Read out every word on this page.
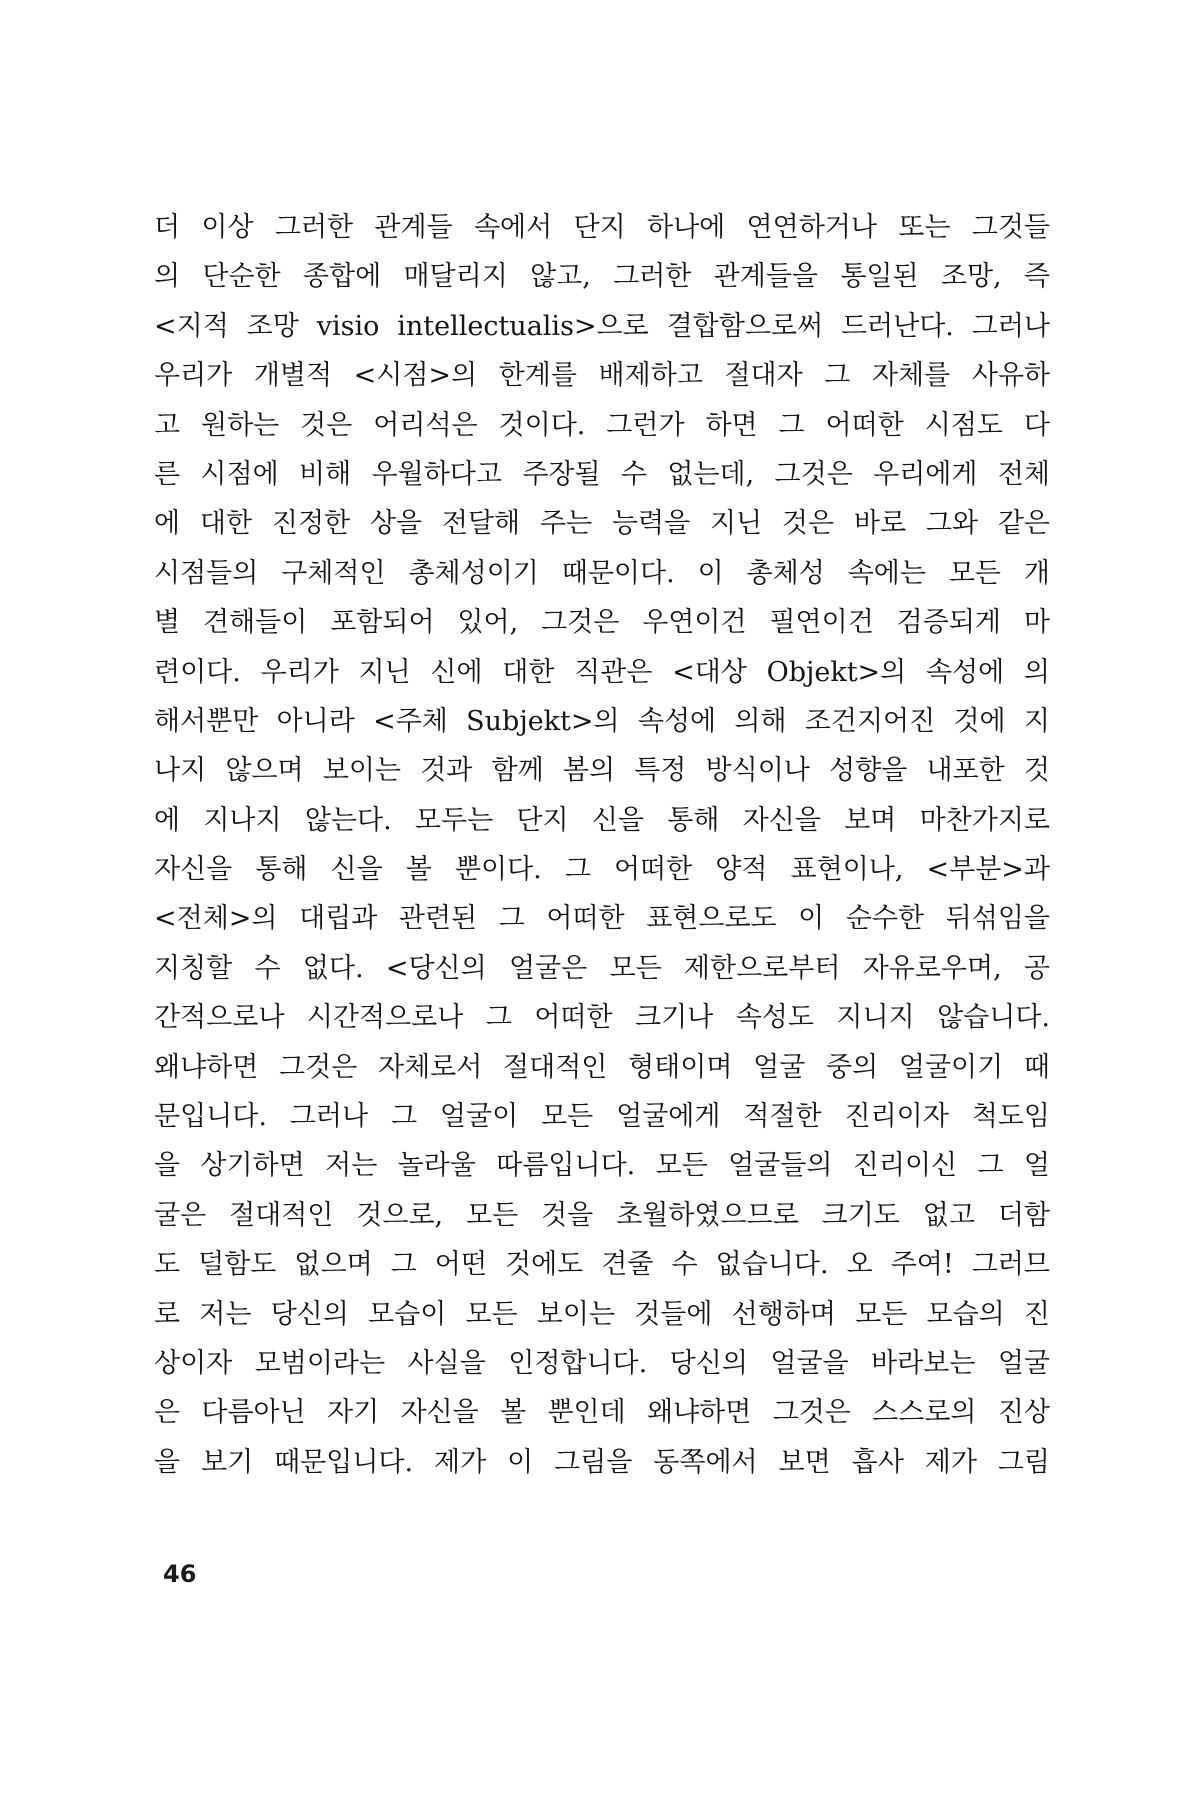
더 이상 그러한 관계들 속에서 단지 하나에 연연하거나 또는 그것들
의 단순한 종합에 매달리지 않고, 그러한 관계들을 통일된 조망, 즉
<지적 조망 visio intellectualis>으로 결합함으로써 드러난다. 그러나
우리가 개별적 <시점>의 한계를 배제하고 절대자 그 자체를 사유하
고 원하는 것은 어리석은 것이다. 그런가 하면 그 어떠한 시점도 다
른 시점에 비해 우월하다고 주장될 수 없는데, 그것은 우리에게 전체
에 대한 진정한 상을 전달해 주는 능력을 지닌 것은 바로 그와 같은
시점들의 구체적인 총체성이기 때문이다. 이 총체성 속에는 모든 개
별 견해들이 포함되어 있어, 그것은 우연이건 필연이건 검증되게 마
련이다. 우리가 지닌 신에 대한 직관은 <대상 Objekt>의 속성에 의
해서뿐만 아니라 <주체 Subjekt>의 속성에 의해 조건지어진 것에 지
나지 않으며 보이는 것과 함께 봄의 특정 방식이나 성향을 내포한 것
에 지나지 않는다. 모두는 단지 신을 통해 자신을 보며 마찬가지로
자신을 통해 신을 볼 뿐이다. 그 어떠한 양적 표현이나, <부분>과
<전체>의 대립과 관련된 그 어떠한 표현으로도 이 순수한 뒤섞임을
지칭할 수 없다. <당신의 얼굴은 모든 제한으로부터 자유로우며, 공
간적으로나 시간적으로나 그 어떠한 크기나 속성도 지니지 않습니다.
왜냐하면 그것은 자체로서 절대적인 형태이며 얼굴 중의 얼굴이기 때
문입니다. 그러나 그 얼굴이 모든 얼굴에게 적절한 진리이자 척도임
을 상기하면 저는 놀라울 따름입니다. 모든 얼굴들의 진리이신 그 얼
굴은 절대적인 것으로, 모든 것을 초월하였으므로 크기도 없고 더함
도 덜함도 없으며 그 어떤 것에도 견줄 수 없습니다. 오 주여! 그러므
로 저는 당신의 모습이 모든 보이는 것들에 선행하며 모든 모습의 진
상이자 모범이라는 사실을 인정합니다. 당신의 얼굴을 바라보는 얼굴
은 다름아닌 자기 자신을 볼 뿐인데 왜냐하면 그것은 스스로의 진상
을 보기 때문입니다. 제가 이 그림을 동쪽에서 보면 흡사 제가 그림
46
